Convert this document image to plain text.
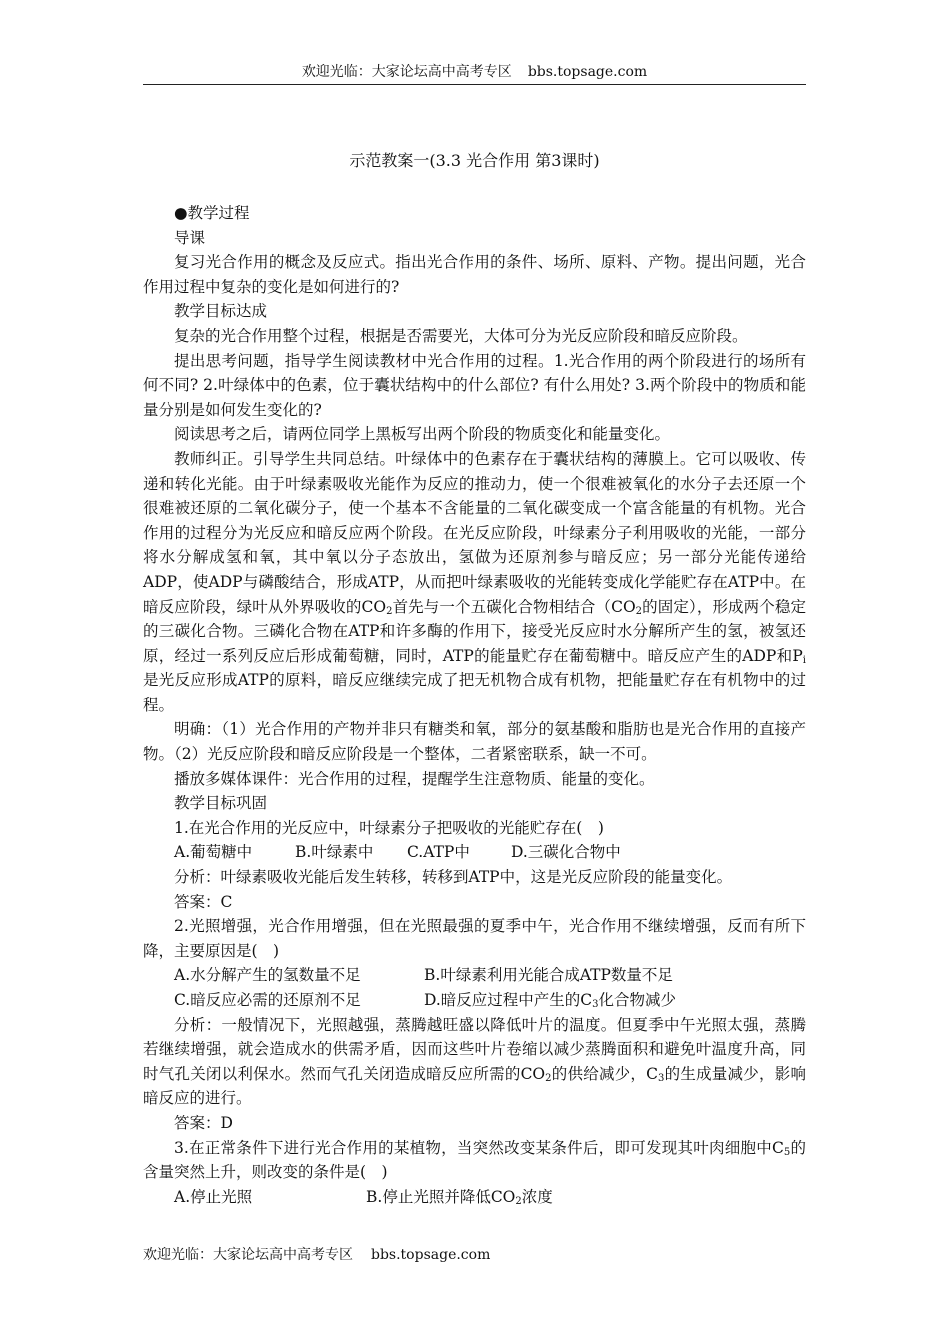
欢迎光临：大家论坛高中高考专区 bbs.topsage.com
示范教案一(3.3 光合作用 第3课时)

●教学过程

导课

复习光合作用的概念及反应式。指出光合作用的条件、场所、原料、产物。提出问题，光合作用过程中复杂的变化是如何进行的?

教学目标达成

复杂的光合作用整个过程，根据是否需要光，大体可分为光反应阶段和暗反应阶段。

提出思考问题，指导学生阅读教材中光合作用的过程。1.光合作用的两个阶段进行的场所有何不同? 2.叶绿体中的色素，位于囊状结构中的什么部位? 有什么用处? 3.两个阶段中的物质和能量分别是如何发生变化的?

阅读思考之后，请两位同学上黑板写出两个阶段的物质变化和能量变化。

教师纠正。引导学生共同总结。叶绿体中的色素存在于囊状结构的薄膜上。它可以吸收、传递和转化光能。由于叶绿素吸收光能作为反应的推动力，使一个很难被氧化的水分子去还原一个很难被还原的二氧化碳分子，使一个基本不含能量的二氧化碳变成一个富含能量的有机物。光合作用的过程分为光反应和暗反应两个阶段。在光反应阶段，叶绿素分子利用吸收的光能，一部分将水分解成氢和氧，其中氧以分子态放出，氢做为还原剂参与暗反应；另一部分光能传递给ADP，使ADP与磷酸结合，形成ATP，从而把叶绿素吸收的光能转变成化学能贮存在ATP中。在暗反应阶段，绿叶从外界吸收的$CO_2$首先与一个五碳化合物相结合（$CO_2$的固定），形成两个稳定的三碳化合物。三磷化合物在ATP和许多酶的作用下，接受光反应时水分解所产生的氢，被氢还原，经过一系列反应后形成葡萄糖，同时，ATP的能量贮存在葡萄糖中。暗反应产生的ADP和$P_i$是光反应形成ATP的原料，暗反应继续完成了把无机物合成有机物，把能量贮存在有机物中的过程。

明确：（1）光合作用的产物并非只有糖类和氧，部分的氨基酸和脂肪也是光合作用的直接产物。（2）光反应阶段和暗反应阶段是一个整体，二者紧密联系，缺一不可。

播放多媒体课件：光合作用的过程，提醒学生注意物质、能量的变化。

教学目标巩固

1.在光合作用的光反应中，叶绿素分子把吸收的光能贮存在(　)

A.葡萄糖中	B.叶绿素中	C.ATP中	D.三碳化合物中

分析：叶绿素吸收光能后发生转移，转移到ATP中，这是光反应阶段的能量变化。

答案：C

2.光照增强，光合作用增强，但在光照最强的夏季中午，光合作用不继续增强，反而有所下降，主要原因是(　)

A.水分解产生的氢数量不足	B.叶绿素利用光能合成ATP数量不足
C.暗反应必需的还原剂不足	D.暗反应过程中产生的$C_3$化合物减少

分析：一般情况下，光照越强，蒸腾越旺盛以降低叶片的温度。但夏季中午光照太强，蒸腾若继续增强，就会造成水的供需矛盾，因而这些叶片卷缩以减少蒸腾面积和避免叶温度升高，同时气孔关闭以利保水。然而气孔关闭造成暗反应所需的$CO_2$的供给减少，$C_3$的生成量减少，影响暗反应的进行。

答案：D

3.在正常条件下进行光合作用的某植物，当突然改变某条件后，即可发现其叶肉细胞中$C_5$的含量突然上升，则改变的条件是(　)

A.停止光照	B.停止光照并降低$CO_2$浓度
欢迎光临：大家论坛高中高考专区 bbs.topsage.com
